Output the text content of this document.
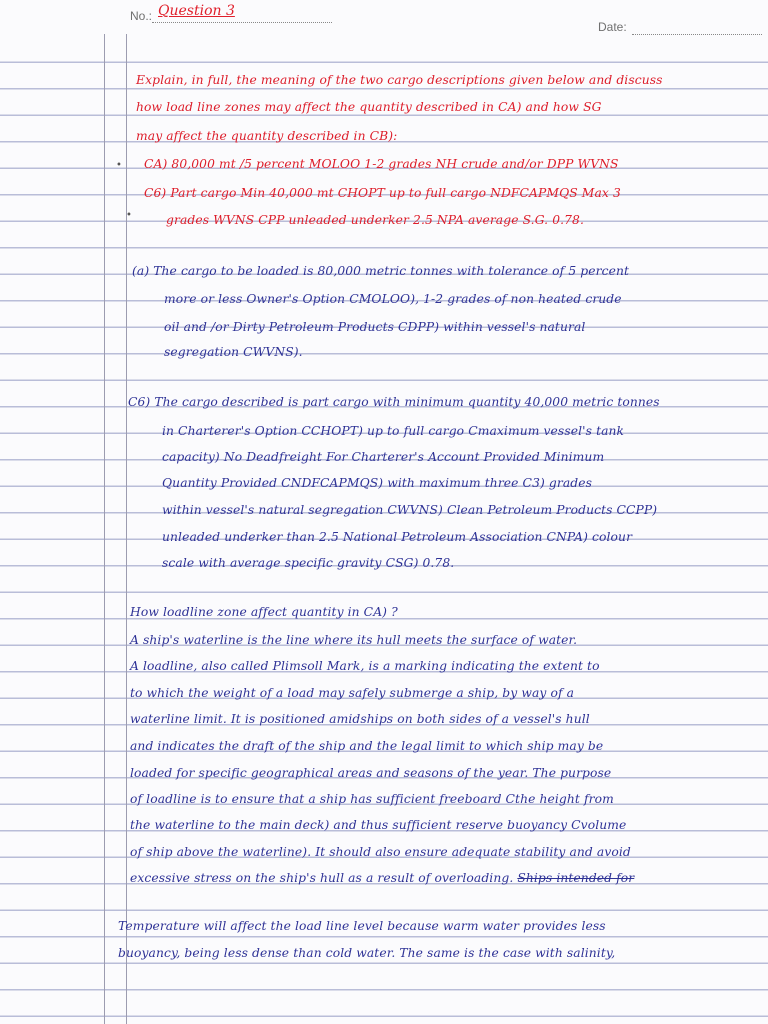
No.: Question 3
Date:
Explain, in full, the meaning of the two cargo descriptions given below and discuss
how load line zones may affect the quantity described in CA) and how SG
may affect the quantity described in CB):
• CA) 80,000 mt /5 percent MOLOO 1-2 grades NH crude and/or DPP WVNS
C6) Part cargo Min 40,000 mt CHOPT up to full cargo NDFCAPMQS Max 3
•	grades WVNS CPP unleaded underker 2.5 NPA average S.G. 0.78.
(a) The cargo to be loaded is 80,000 metric tonnes with tolerance of 5 percent
more or less Owner's Option CMOLOO), 1-2 grades of non heated crude
oil and /or Dirty Petroleum Products CDPP) within vessel's natural
segregation CWVNS).
C6) The cargo described is part cargo with minimum quantity 40,000 metric tonnes
in Charterer's Option CCHOPT) up to full cargo Cmaximum vessel's tank
capacity) No Deadfreight For Charterer's Account Provided Minimum
Quantity Provided CNDFCAPMQS) with maximum three C3) grades
within vessel's natural segregation CWVNS) Clean Petroleum Products CCPP)
unleaded underker than 2.5 National Petroleum Association CNPA) colour
scale with average specific gravity CSG) 0.78.
How loadline zone affect quantity in CA) ?
A ship's waterline is the line where its hull meets the surface of water.
A loadline, also called Plimsoll Mark, is a marking indicating the extent to
to which the weight of a load may safely submerge a ship, by way of a
waterline limit. It is positioned amidships on both sides of a vessel's hull
and indicates the draft of the ship and the legal limit to which ship may be
loaded for specific geographical areas and seasons of the year. The purpose
of loadline is to ensure that a ship has sufficient freeboard Cthe height from
the waterline to the main deck) and thus sufficient reserve buoyancy Cvolume
of ship above the waterline). It should also ensure adequate stability and avoid
excessive stress on the ship's hull as a result of overloading. Ships intended for
Temperature will affect the load line level because warm water provides less
buoyancy, being less dense than cold water. The same is the case with salinity,
